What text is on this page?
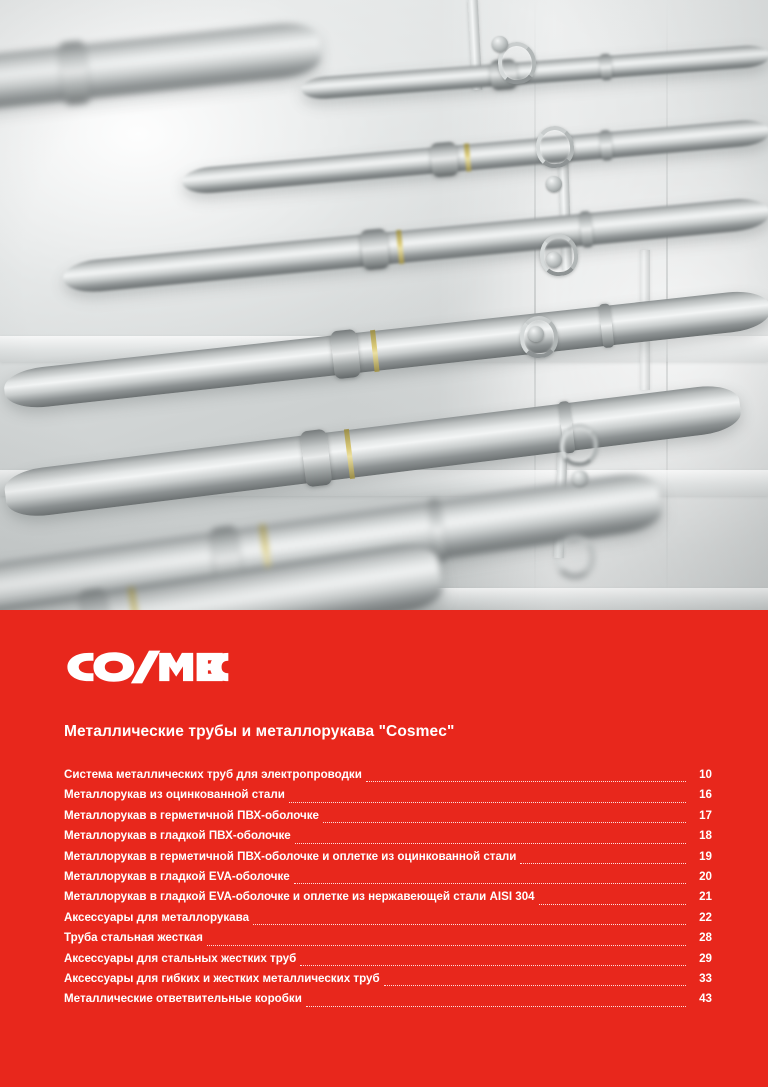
Металлические трубы и металлорукава "Cosmec"
Система металлических труб для электропроводки	10
Металлорукав из оцинкованной стали	16
Металлорукав в герметичной ПВХ-оболочке	17
Металлорукав в гладкой ПВХ-оболочке	18
Металлорукав в герметичной ПВХ-оболочке и оплетке из оцинкованной стали	19
Металлорукав в гладкой EVA-оболочке	20
Металлорукав в гладкой EVA-оболочке и оплетке из нержавеющей стали AISI 304	21
Аксессуары для металлорукава	22
Труба стальная жесткая	28
Аксессуары для стальных жестких труб	29
Аксессуары для гибких и жестких металлических труб	33
Металлические ответвительные коробки	43
